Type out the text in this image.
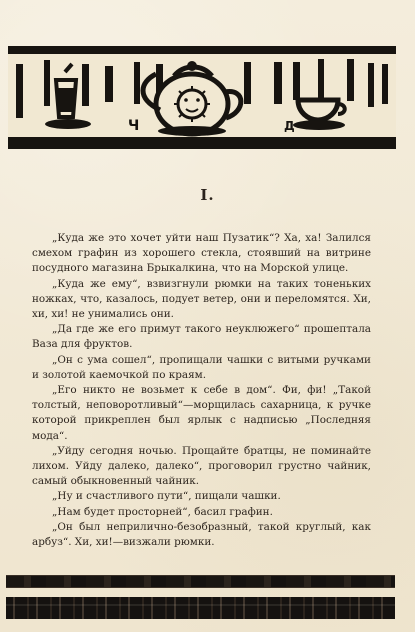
Ч	Д
I.

„Куда же это хочет уйти наш Пузатик“? Ха, ха! Залился смехом графин из хорошего стекла, стоявший на витрине посудного магазина Брыкалкина, что на Морской улице.

„Куда же ему“, взвизгнули рюмки на таких тоненьких ножках, что, казалось, подует ветер, они и переломятся. Хи, хи, хи! не унимались они.

„Да где же его примут такого неуклюжего“ прошептала Ваза для фруктов.

„Он с ума сошел“, пропищали чашки с витыми ручками и золотой каемочкой по краям.

„Его никто не возьмет к себе в дом“. Фи, фи! „Такой толстый, неповоротливый“—морщилась сахарница, к ручке которой прикреплен был ярлык с надписью „Последняя мода“.

„Уйду сегодня ночью. Прощайте братцы, не поминайте лихом. Уйду далеко, далеко“, проговорил грустно чайник, самый обыкновенный чайник.

„Ну и счастливого пути“, пищали чашки.

„Нам будет просторней“, басил графин.

„Он был неприлично-безобразный, такой круглый, как арбуз“. Хи, хи!—визжали рюмки.
